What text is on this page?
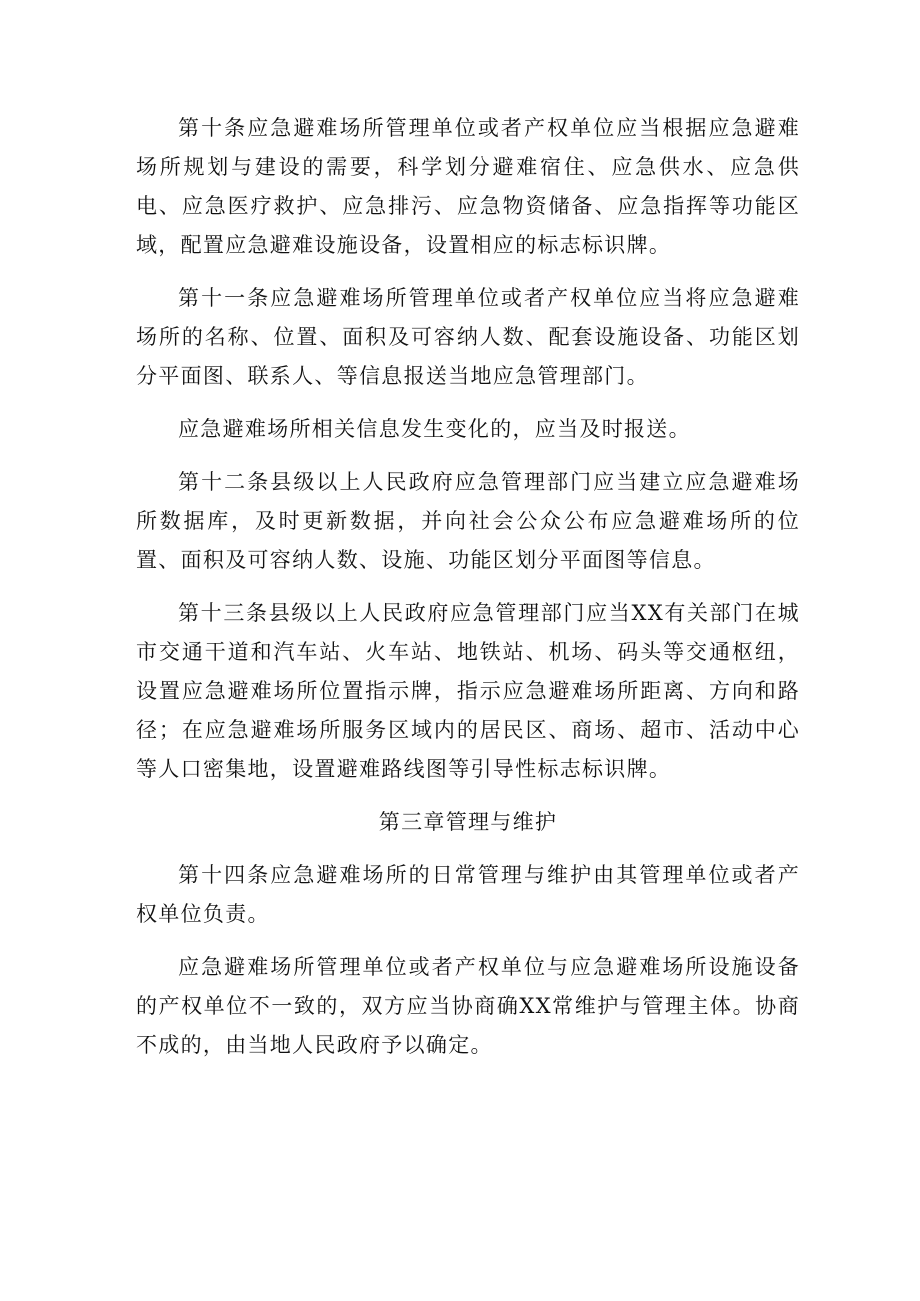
第十条应急避难场所管理单位或者产权单位应当根据应急避难场所规划与建设的需要，科学划分避难宿住、应急供水、应急供电、应急医疗救护、应急排污、应急物资储备、应急指挥等功能区域，配置应急避难设施设备，设置相应的标志标识牌。

第十一条应急避难场所管理单位或者产权单位应当将应急避难场所的名称、位置、面积及可容纳人数、配套设施设备、功能区划分平面图、联系人、等信息报送当地应急管理部门。

应急避难场所相关信息发生变化的，应当及时报送。

第十二条县级以上人民政府应急管理部门应当建立应急避难场所数据库，及时更新数据，并向社会公众公布应急避难场所的位置、面积及可容纳人数、设施、功能区划分平面图等信息。

第十三条县级以上人民政府应急管理部门应当XX有关部门在城市交通干道和汽车站、火车站、地铁站、机场、码头等交通枢纽，设置应急避难场所位置指示牌，指示应急避难场所距离、方向和路径；在应急避难场所服务区域内的居民区、商场、超市、活动中心等人口密集地，设置避难路线图等引导性标志标识牌。

第三章管理与维护

第十四条应急避难场所的日常管理与维护由其管理单位或者产权单位负责。

应急避难场所管理单位或者产权单位与应急避难场所设施设备的产权单位不一致的，双方应当协商确XX常维护与管理主体。协商不成的，由当地人民政府予以确定。
